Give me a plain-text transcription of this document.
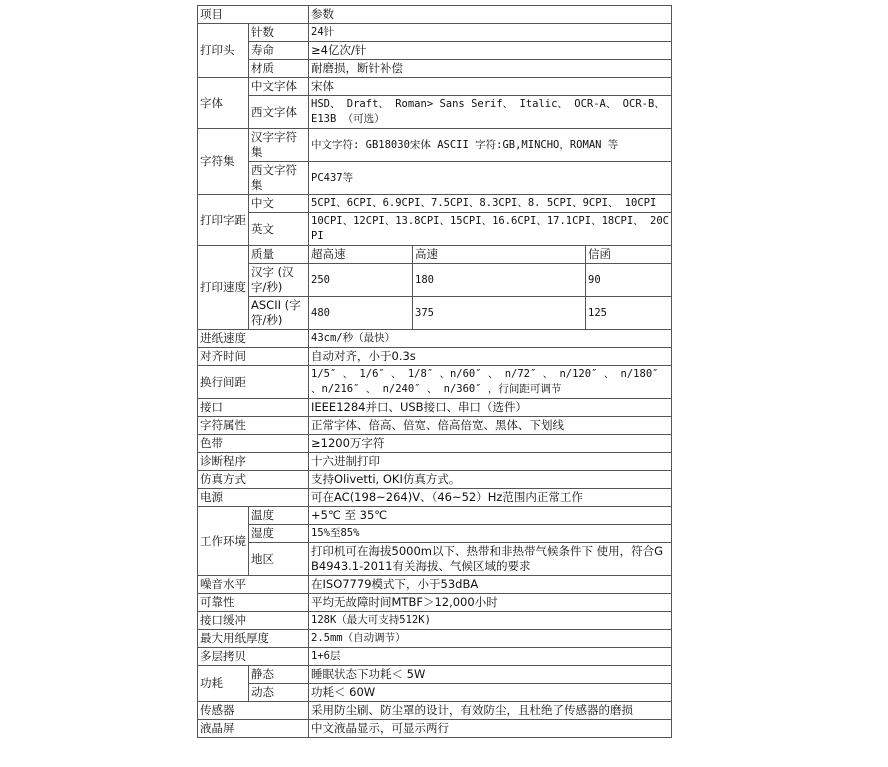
项目		参数		
打印头	针数	24针		
	寿命	≥4亿次/针		
	材质	耐磨损，断针补偿		
字体	中文字体	宋体		
	西文字体	HSD、 Draft、 Roman> Sans Serif、 Italic、 OCR-A、 OCR-B、 E13B （可选）		
字符集	汉字字符集	中文字符: GB18030宋体 ASCII 字符:GB,MINCHO，ROMAN 等		
	西文字符集	PC437等		
打印字距	中文	5CPI、6CPI、6.9CPI、7.5CPI、8.3CPI、8. 5CPI、9CPI、 10CPI		
	英文	10CPI、12CPI、13.8CPI、15CPI、16.6CPI、17.1CPI、18CPI、 20CPI		
打印速度	质量	超高速	高速	信函
	汉字 (汉字/秒)	250	180	90
	ASCII (字符/秒)	480	375	125
进纸速度		43cm/秒（最快）		
对齐时间		自动对齐，小于0.3s		
换行间距		1/5″ 、 1/6″ 、 1/8″ 、n/60″ 、 n/72″ 、 n/120″ 、 n/180″ 、n/216″ 、 n/240″ 、 n/360″ ，行间距可调节		
接口		IEEE1284并口、USB接口、串口（选件）		
字符属性		正常字体、倍高、倍宽、倍高倍宽、黑体、下划线		
色带		≥1200万字符		
诊断程序		十六进制打印		
仿真方式		支持Olivetti, OKI仿真方式。		
电源		可在AC(198~264)V、（46~52）Hz范围内正常工作		
工作环境	温度	+5℃ 至 35℃		
	湿度	15%至85%		
	地区	打印机可在海拔5000m以下、热带和非热带气候条件下 使用，符合GB4943.1-2011有关海拔、气候区域的要求		
噪音水平		在ISO7779模式下，小于53dBA		
可靠性		平均无故障时间MTBF＞12,000小时		
接口缓冲		128K（最大可支持512K)		
最大用纸厚度		2.5mm（自动调节）		
多层拷贝		1+6层		
功耗	静态	睡眠状态下功耗＜ 5W		
	动态	功耗＜ 60W		
传感器		采用防尘刷、防尘罩的设计，有效防尘，且杜绝了传感器的磨损		
液晶屏		中文液晶显示，可显示两行		
